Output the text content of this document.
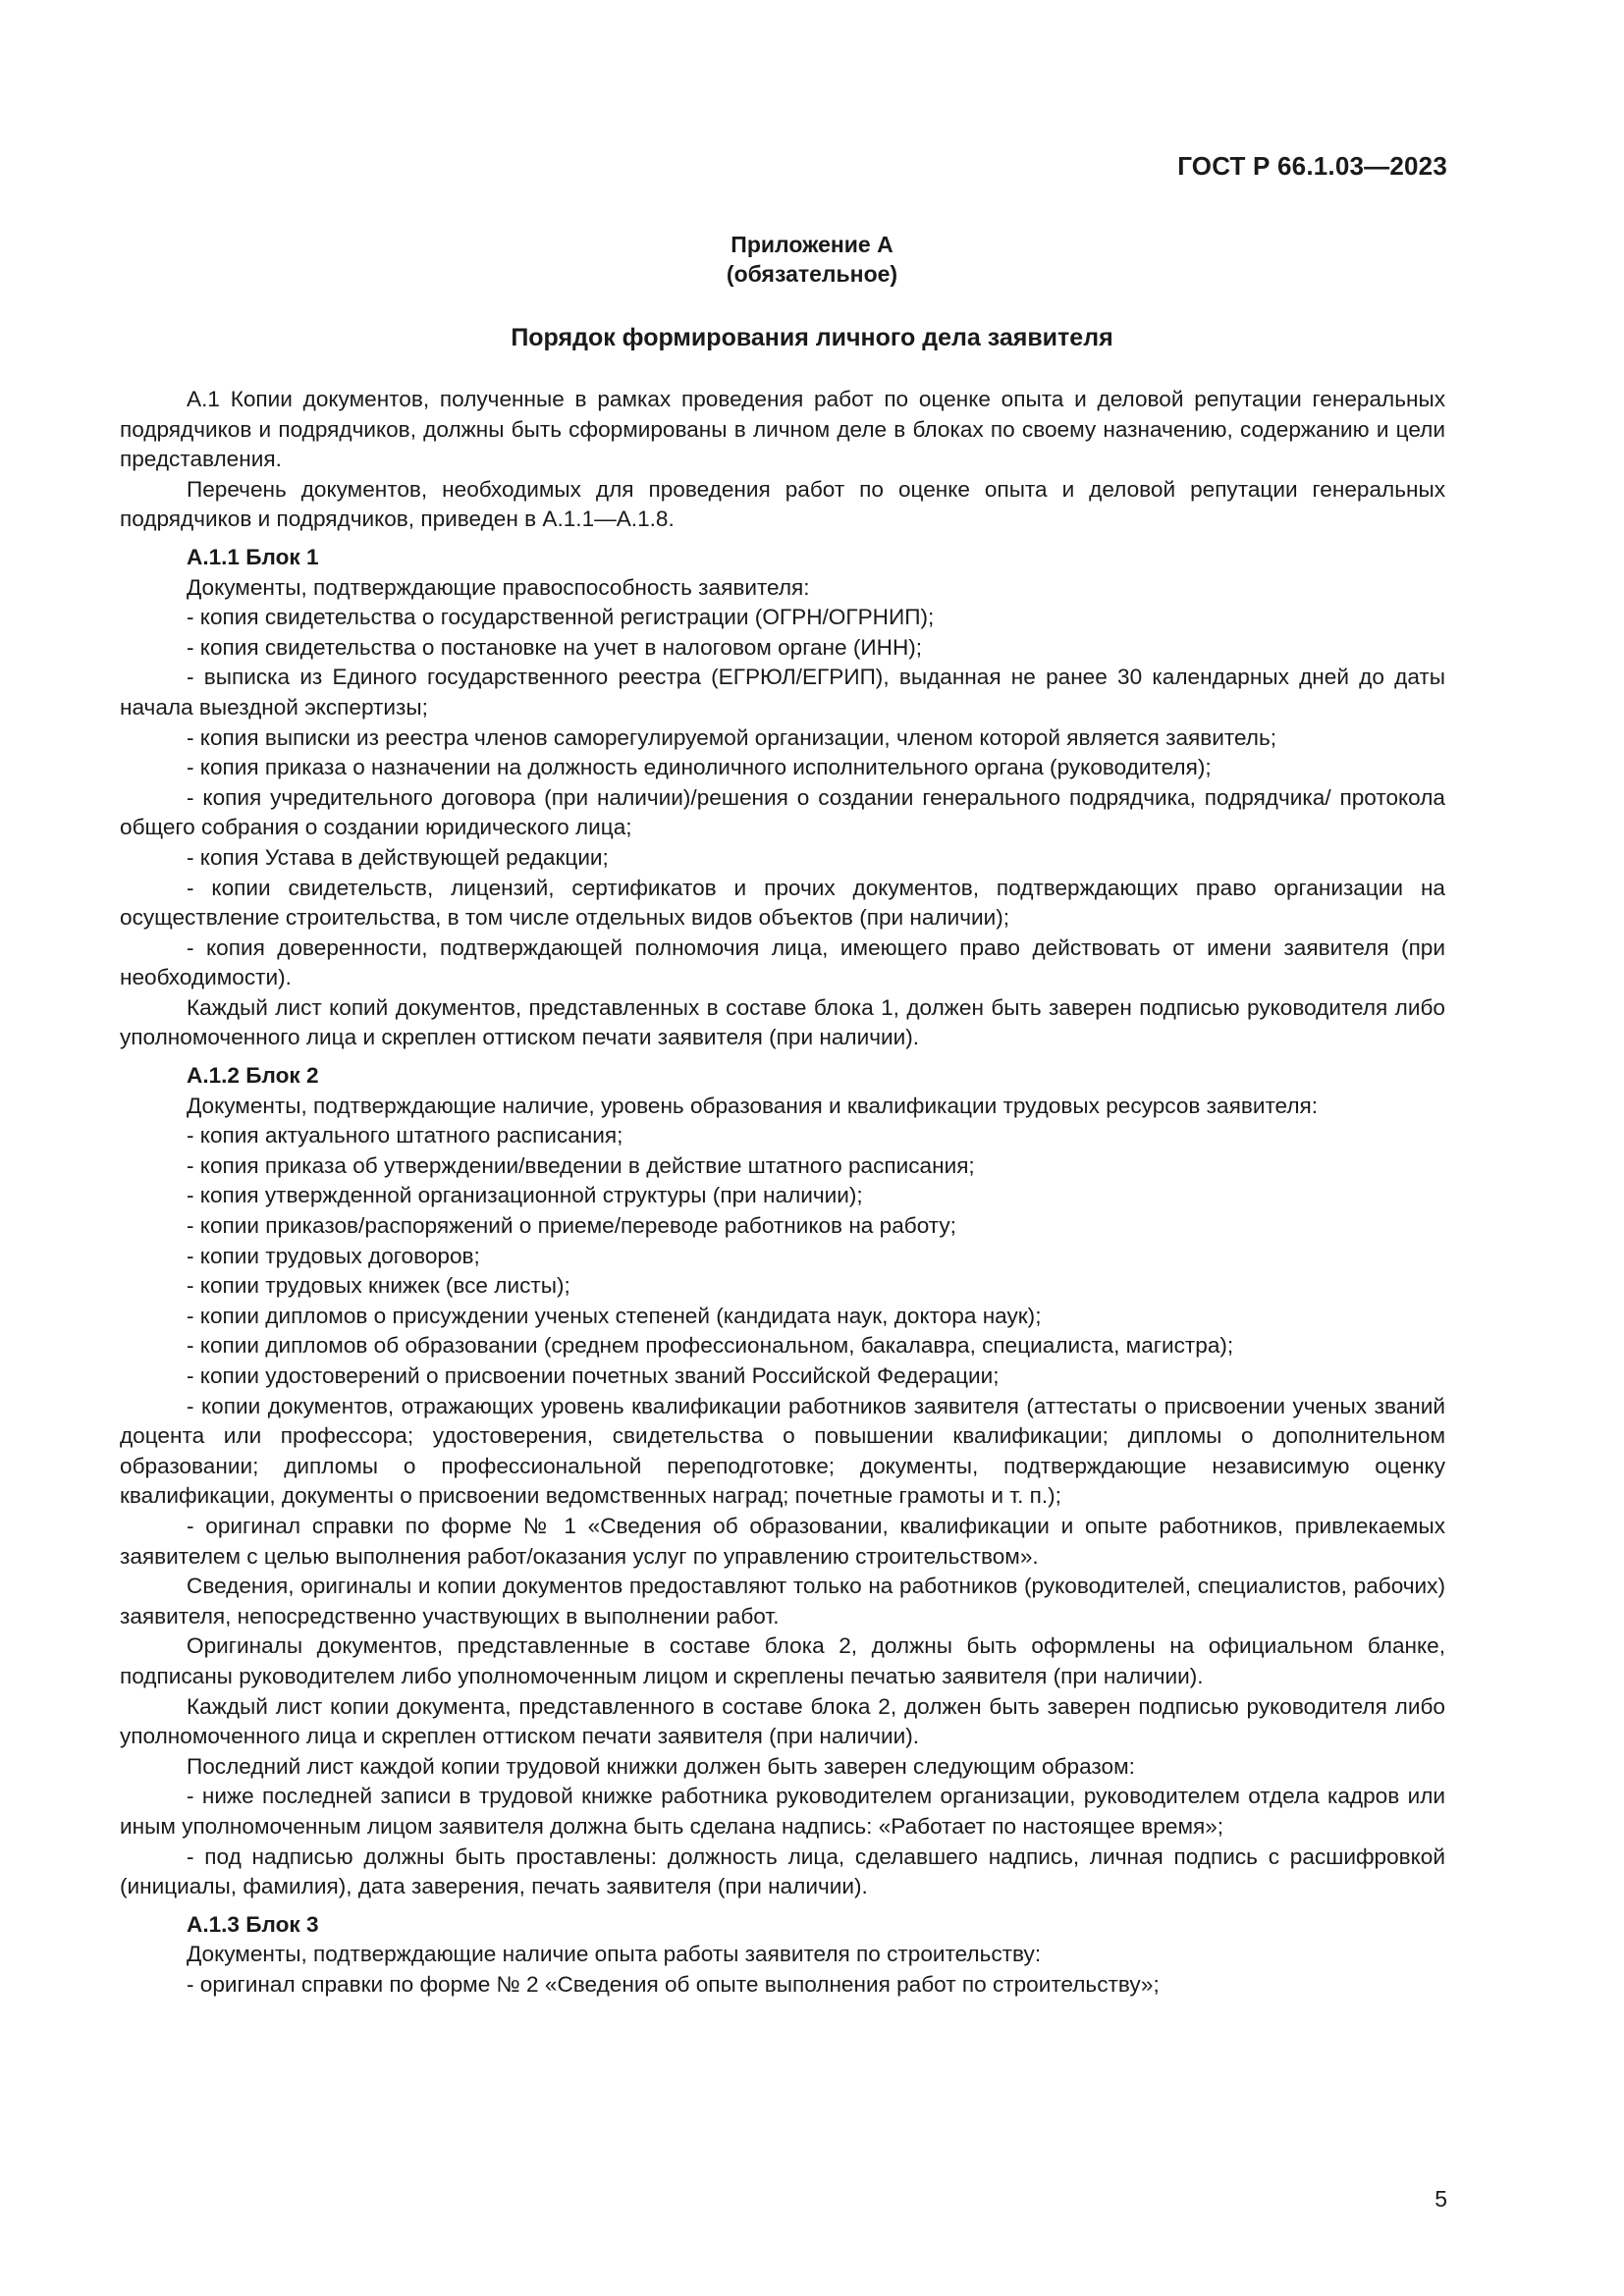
ГОСТ Р 66.1.03—2023
Приложение А
(обязательное)
Порядок формирования личного дела заявителя

А.1 Копии документов, полученные в рамках проведения работ по оценке опыта и деловой репутации генеральных подрядчиков и подрядчиков, должны быть сформированы в личном деле в блоках по своему назначению, содержанию и цели представления.

Перечень документов, необходимых для проведения работ по оценке опыта и деловой репутации генеральных подрядчиков и подрядчиков, приведен в А.1.1—А.1.8.

А.1.1 Блок 1

Документы, подтверждающие правоспособность заявителя:

- копия свидетельства о государственной регистрации (ОГРН/ОГРНИП);

- копия свидетельства о постановке на учет в налоговом органе (ИНН);

- выписка из Единого государственного реестра (ЕГРЮЛ/ЕГРИП), выданная не ранее 30 календарных дней до даты начала выездной экспертизы;

- копия выписки из реестра членов саморегулируемой организации, членом которой является заявитель;

- копия приказа о назначении на должность единоличного исполнительного органа (руководителя);

- копия учредительного договора (при наличии)/решения о создании генерального подрядчика, подрядчика/ протокола общего собрания о создании юридического лица;

- копия Устава в действующей редакции;

- копии свидетельств, лицензий, сертификатов и прочих документов, подтверждающих право организации на осуществление строительства, в том числе отдельных видов объектов (при наличии);

- копия доверенности, подтверждающей полномочия лица, имеющего право действовать от имени заявителя (при необходимости).

Каждый лист копий документов, представленных в составе блока 1, должен быть заверен подписью руководителя либо уполномоченного лица и скреплен оттиском печати заявителя (при наличии).

А.1.2 Блок 2

Документы, подтверждающие наличие, уровень образования и квалификации трудовых ресурсов заявителя:

- копия актуального штатного расписания;

- копия приказа об утверждении/введении в действие штатного расписания;

- копия утвержденной организационной структуры (при наличии);

- копии приказов/распоряжений о приеме/переводе работников на работу;

- копии трудовых договоров;

- копии трудовых книжек (все листы);

- копии дипломов о присуждении ученых степеней (кандидата наук, доктора наук);

- копии дипломов об образовании (среднем профессиональном, бакалавра, специалиста, магистра);

- копии удостоверений о присвоении почетных званий Российской Федерации;

- копии документов, отражающих уровень квалификации работников заявителя (аттестаты о присвоении ученых званий доцента или профессора; удостоверения, свидетельства о повышении квалификации; дипломы о дополнительном образовании; дипломы о профессиональной переподготовке; документы, подтверждающие независимую оценку квалификации, документы о присвоении ведомственных наград; почетные грамоты и т. п.);

- оригинал справки по форме № 1 «Сведения об образовании, квалификации и опыте работников, привлекаемых заявителем с целью выполнения работ/оказания услуг по управлению строительством».

Сведения, оригиналы и копии документов предоставляют только на работников (руководителей, специалистов, рабочих) заявителя, непосредственно участвующих в выполнении работ.

Оригиналы документов, представленные в составе блока 2, должны быть оформлены на официальном бланке, подписаны руководителем либо уполномоченным лицом и скреплены печатью заявителя (при наличии).

Каждый лист копии документа, представленного в составе блока 2, должен быть заверен подписью руководителя либо уполномоченного лица и скреплен оттиском печати заявителя (при наличии).

Последний лист каждой копии трудовой книжки должен быть заверен следующим образом:

- ниже последней записи в трудовой книжке работника руководителем организации, руководителем отдела кадров или иным уполномоченным лицом заявителя должна быть сделана надпись: «Работает по настоящее время»;

- под надписью должны быть проставлены: должность лица, сделавшего надпись, личная подпись с расшифровкой (инициалы, фамилия), дата заверения, печать заявителя (при наличии).

А.1.3 Блок 3

Документы, подтверждающие наличие опыта работы заявителя по строительству:

- оригинал справки по форме № 2 «Сведения об опыте выполнения работ по строительству»;

5
